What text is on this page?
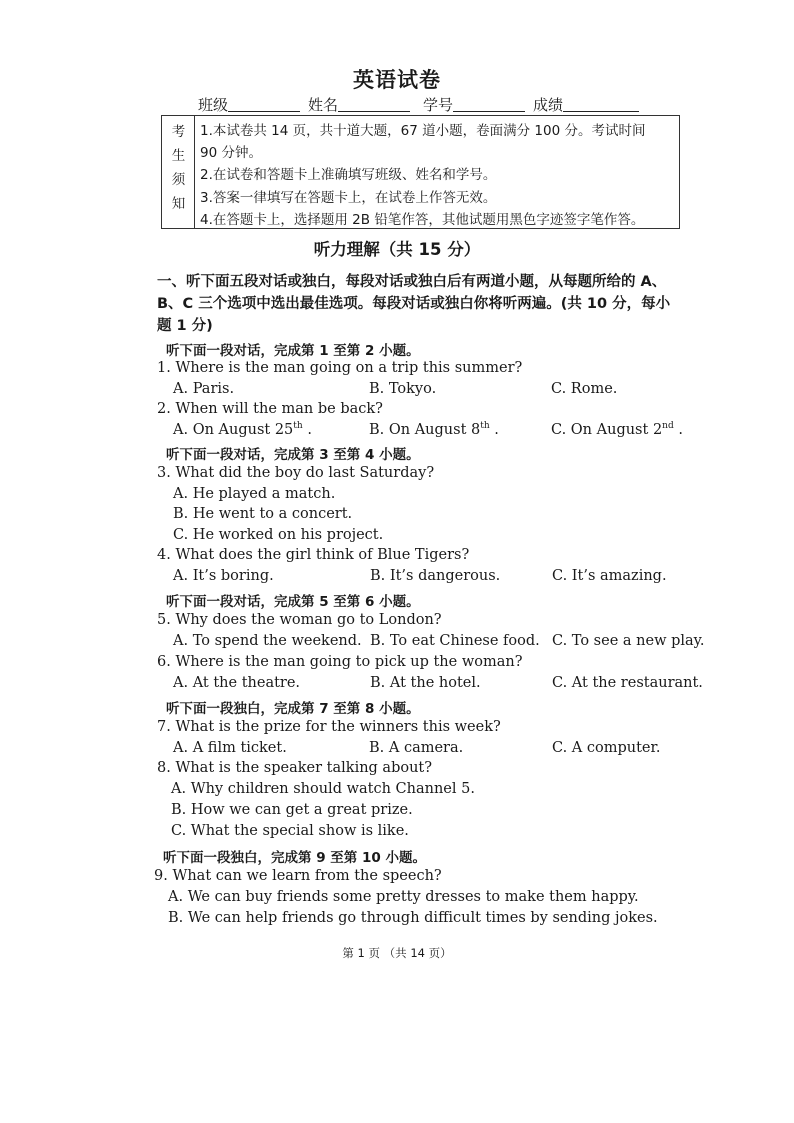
英语试卷
班级	姓名	学号	成绩
考
生
须
知
1.本试卷共 14 页，共十道大题，67 道小题，卷面满分 100 分。考试时间
90 分钟。
2.在试卷和答题卡上准确填写班级、姓名和学号。
3.答案一律填写在答题卡上，在试卷上作答无效。
4.在答题卡上，选择题用 2B 铅笔作答，其他试题用黑色字迹签字笔作答。
听力理解（共 15 分）
一、听下面五段对话或独白，每段对话或独白后有两道小题，从每题所给的 A、
B、C 三个选项中选出最佳选项。每段对话或独白你将听两遍。(共 10 分，每小
题 1 分)
听下面一段对话，完成第 1 至第 2 小题。
1. Where is the man going on a trip this summer?
A. Paris.	B. Tokyo.	C. Rome.
2. When will the man be back?
A. On August 25th .	B. On August 8th .	C. On August 2nd .
听下面一段对话，完成第 3 至第 4 小题。
3. What did the boy do last Saturday?
A. He played a match.
B. He went to a concert.
C. He worked on his project.
4. What does the girl think of Blue Tigers?
A. It’s boring.	B. It’s dangerous.	C. It’s amazing.
听下面一段对话，完成第 5 至第 6 小题。
5. Why does the woman go to London?
A. To spend the weekend. B. To eat Chinese food. C. To see a new play.
6. Where is the man going to pick up the woman?
A. At the theatre.	B. At the hotel.	C. At the restaurant.
听下面一段独白，完成第 7 至第 8 小题。
7. What is the prize for the winners this week?
A. A film ticket.	B. A camera.	C. A computer.
8. What is the speaker talking about?
A. Why children should watch Channel 5.
B. How we can get a great prize.
C. What the special show is like.
听下面一段独白，完成第 9 至第 10 小题。
9. What can we learn from the speech?
A. We can buy friends some pretty dresses to make them happy.
B. We can help friends go through difficult times by sending jokes.
第 1 页 （共 14 页）
